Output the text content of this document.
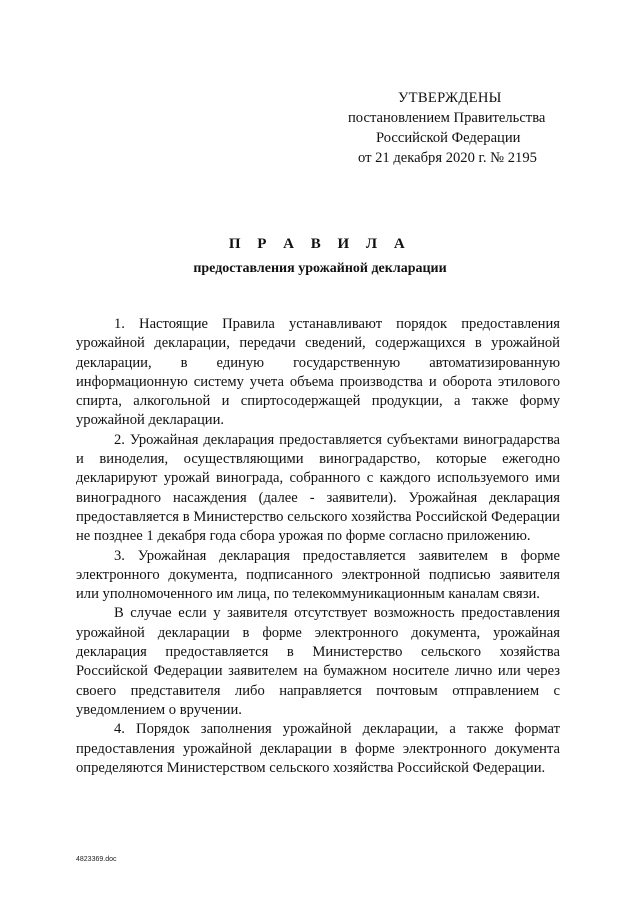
УТВЕРЖДЕНЫ
постановлением Правительства
Российской Федерации
от 21 декабря 2020 г. № 2195
П Р А В И Л А
предоставления урожайной декларации

1. Настоящие Правила устанавливают порядок предоставления урожайной декларации, передачи сведений, содержащихся в урожайной декларации, в единую государственную автоматизированную информационную систему учета объема производства и оборота этилового спирта, алкогольной и спиртосодержащей продукции, а также форму урожайной декларации.

2. Урожайная декларация предоставляется субъектами виноградарства и виноделия, осуществляющими виноградарство, которые ежегодно декларируют урожай винограда, собранного с каждого используемого ими виноградного насаждения (далее - заявители). Урожайная декларация предоставляется в Министерство сельского хозяйства Российской Федерации не позднее 1 декабря года сбора урожая по форме согласно приложению.

3. Урожайная декларация предоставляется заявителем в форме электронного документа, подписанного электронной подписью заявителя или уполномоченного им лица, по телекоммуникационным каналам связи.

В случае если у заявителя отсутствует возможность предоставления урожайной декларации в форме электронного документа, урожайная декларация предоставляется в Министерство сельского хозяйства Российской Федерации заявителем на бумажном носителе лично или через своего представителя либо направляется почтовым отправлением с уведомлением о вручении.

4. Порядок заполнения урожайной декларации, а также формат предоставления урожайной декларации в форме электронного документа определяются Министерством сельского хозяйства Российской Федерации.

4823369.doc
